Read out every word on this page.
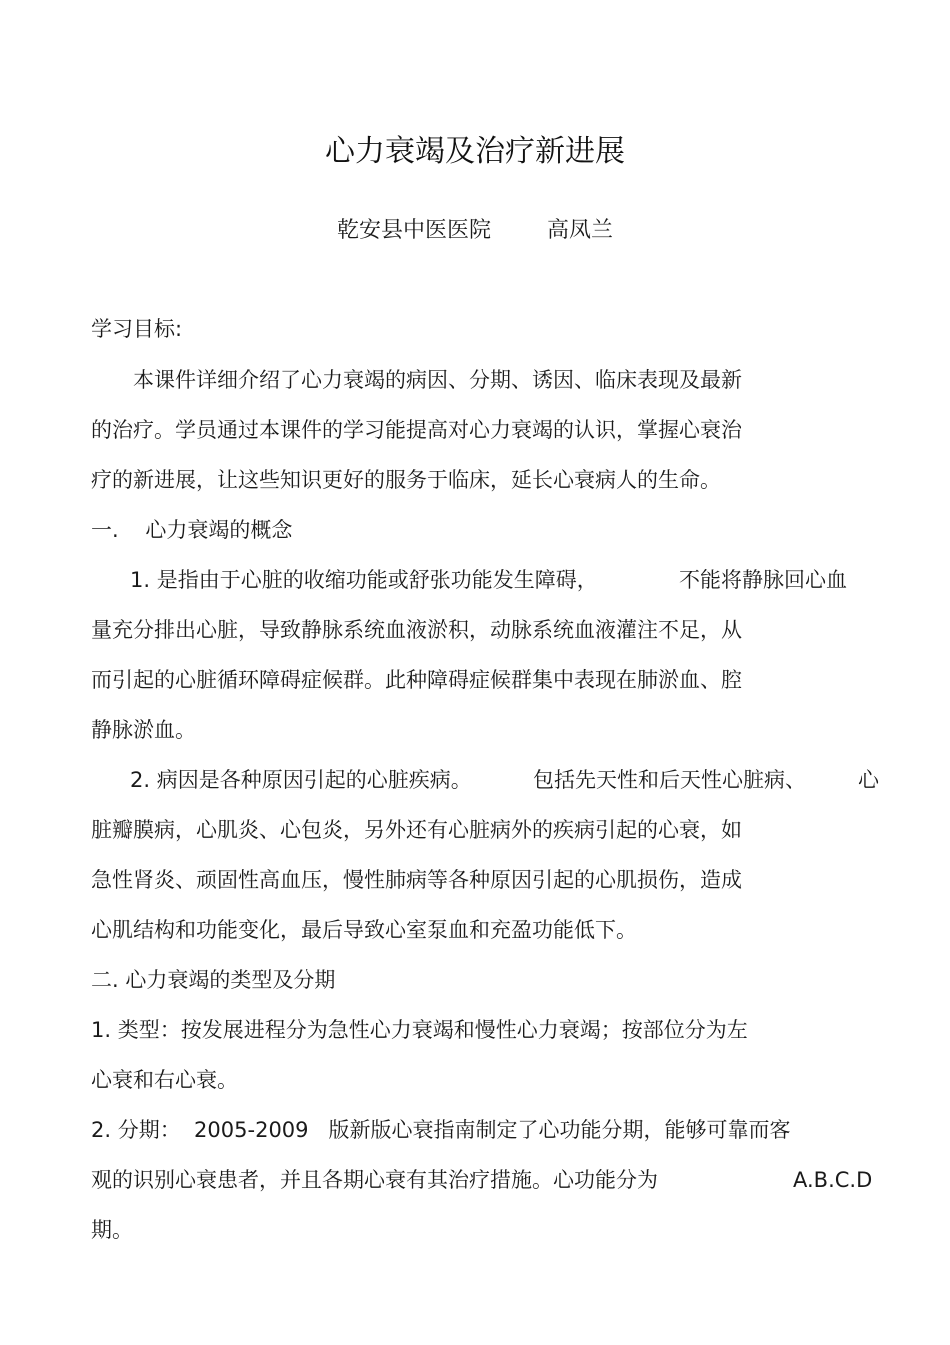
心力衰竭及治疗新进展
乾安县中医医院	高凤兰
学习目标:
本课件详细介绍了心力衰竭的病因、分期、诱因、临床表现及最新
的治疗。学员通过本课件的学习能提高对心力衰竭的认识，掌握心衰治
疗的新进展，让这些知识更好的服务于临床，延长心衰病人的生命。
一.    心力衰竭的概念
1. 是指由于心脏的收缩功能或舒张功能发生障碍，	不能将静脉回心血
量充分排出心脏，导致静脉系统血液淤积，动脉系统血液灌注不足，从
而引起的心脏循环障碍症候群。此种障碍症候群集中表现在肺淤血、腔
静脉淤血。
2. 病因是各种原因引起的心脏疾病。	包括先天性和后天性心脏病、 心
脏瓣膜病，心肌炎、心包炎，另外还有心脏病外的疾病引起的心衰，如
急性肾炎、顽固性高血压，慢性肺病等各种原因引起的心肌损伤，造成
心肌结构和功能变化，最后导致心室泵血和充盈功能低下。
二. 心力衰竭的类型及分期
1. 类型：按发展进程分为急性心力衰竭和慢性心力衰竭；按部位分为左
心衰和右心衰。
2. 分期：  2005-2009   版新版心衰指南制定了心功能分期，能够可靠而客
观的识别心衰患者，并且各期心衰有其治疗措施。心功能分为	A.B.C.D
期。
